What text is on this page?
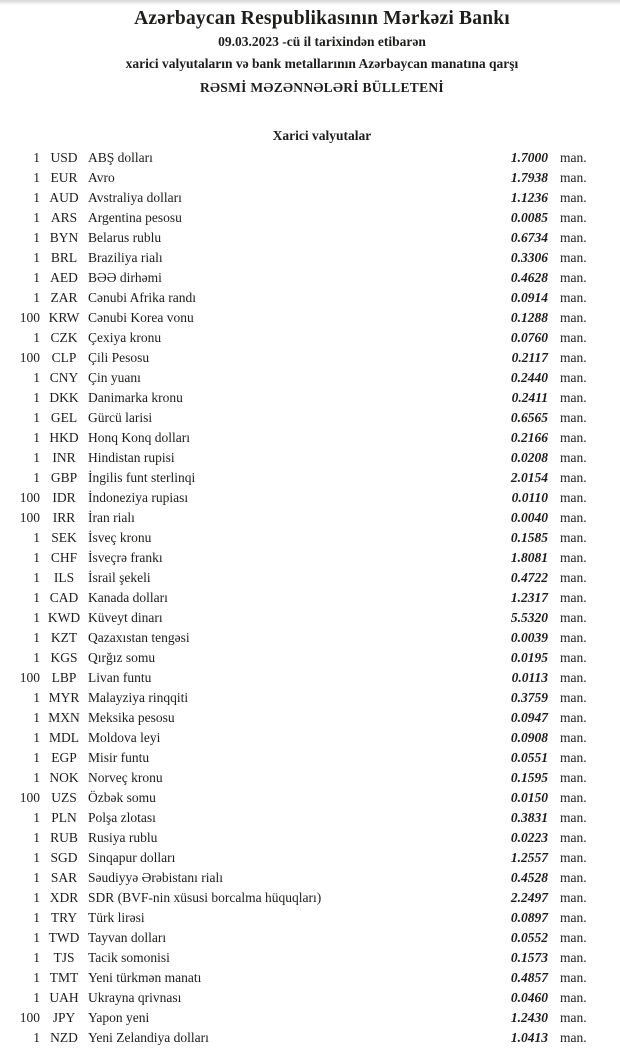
Azərbaycan Respublikasının Mərkəzi Bankı
09.03.2023 -cü il tarixindən etibarən
xarici valyutaların və bank metallarının Azərbaycan manatına qarşı
RƏSMİ MƏZƏNNƏLƏRİ BÜLLETENİ
Xarici valyutalar
1 USD ABŞ dolları	1.7000 man.
1 EUR Avro	1.7938 man.
1 AUD Avstraliya dolları	1.1236 man.
1 ARS Argentina pesosu	0.0085 man.
1 BYN Belarus rublu	0.6734 man.
1 BRL Braziliya rialı	0.3306 man.
1 AED BƏƏ dirhəmi	0.4628 man.
1 ZAR Cənubi Afrika randı	0.0914 man.
100 KRW Cənubi Korea vonu	0.1288 man.
1 CZK Çexiya kronu	0.0760 man.
100 CLP Çili Pesosu	0.2117 man.
1 CNY Çin yuanı	0.2440 man.
1 DKK Danimarka kronu	0.2411 man.
1 GEL Gürcü larisi	0.6565 man.
1 HKD Honq Konq dolları	0.2166 man.
1 INR Hindistan rupisi	0.0208 man.
1 GBP İngilis funt sterlinqi	2.0154 man.
100 IDR İndoneziya rupiası	0.0110 man.
100 IRR İran rialı	0.0040 man.
1 SEK İsveç kronu	0.1585 man.
1 CHF İsveçrə frankı	1.8081 man.
1	ILS	İsrail şekeli	0.4722 man.
1 CAD Kanada dolları	1.2317 man.
1 KWD Küveyt dinarı	5.5320 man.
1 KZT Qazaxıstan tengəsi	0.0039 man.
1 KGS Qırğız somu	0.0195 man.
100 LBP Livan funtu	0.0113 man.
1 MYR Malayziya rinqqiti	0.3759 man.
1 MXN Meksika pesosu	0.0947 man.
1 MDL Moldova leyi	0.0908 man.
1 EGP Misir funtu	0.0551 man.
1 NOK Norveç kronu	0.1595 man.
100 UZS Özbək somu	0.0150 man.
1 PLN Polşa zlotası	0.3831 man.
1 RUB Rusiya rublu	0.0223 man.
1 SGD Sinqapur dolları	1.2557 man.
1 SAR Səudiyyə Ərəbistanı rialı	0.4528 man.
1 XDR SDR (BVF-nin xüsusi borcalma hüquqları)	2.2497 man.
1 TRY Türk lirəsi	0.0897 man.
1 TWD Tayvan dolları	0.0552 man.
1 TJS	Tacik somonisi	0.1573 man.
1 TMT Yeni türkmən manatı	0.4857 man.
1 UAH Ukrayna qrivnası	0.0460 man.
100 JPY Yapon yeni	1.2430 man.
1 NZD Yeni Zelandiya dolları	1.0413 man.
